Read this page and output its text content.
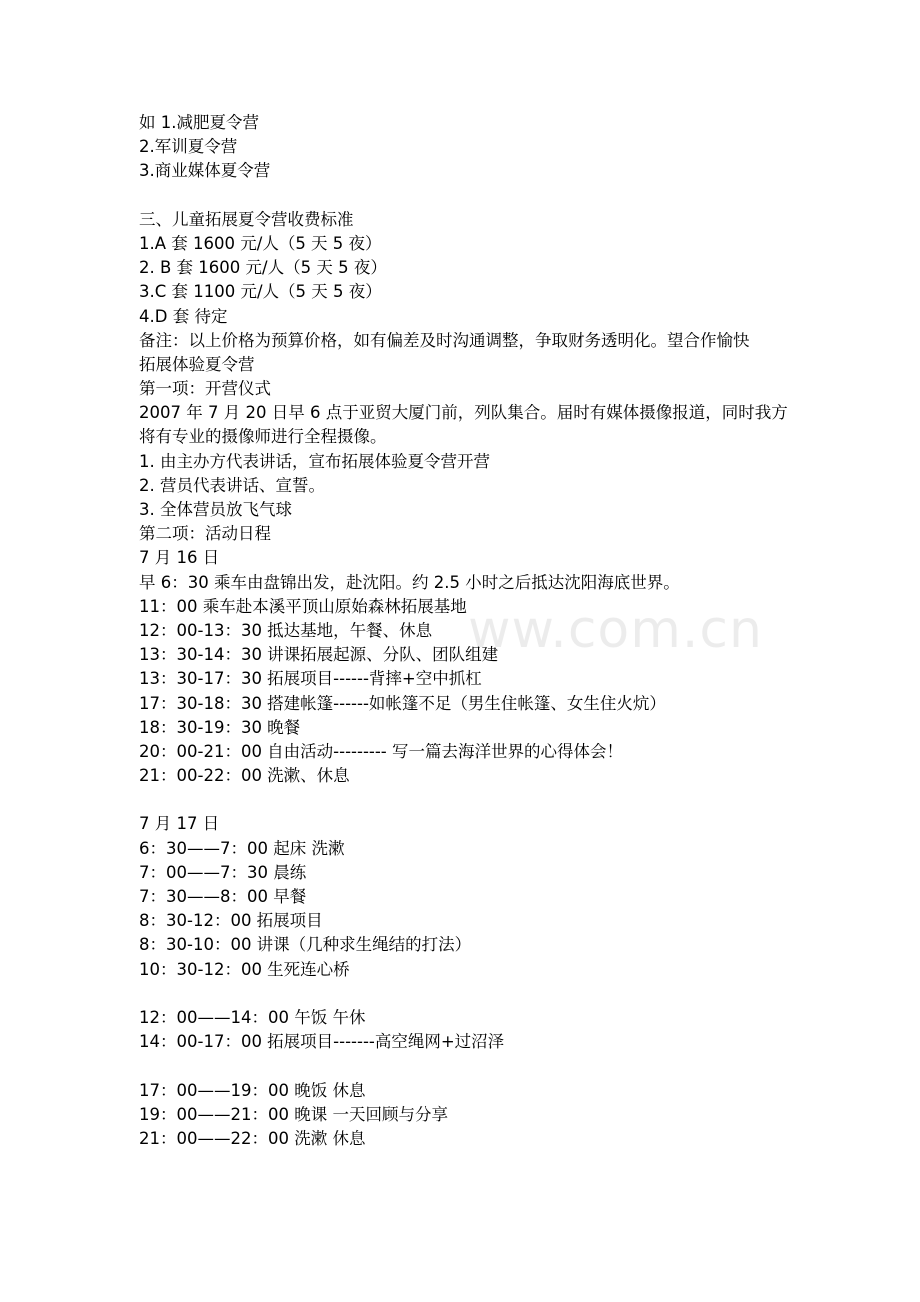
ww.com.cn
如 1.减肥夏令营
2.军训夏令营
3.商业媒体夏令营
三、儿童拓展夏令营收费标准
1.A 套 1600 元/人（5 天 5 夜）
2. B 套 1600 元/人（5 天 5 夜）
3.C 套 1100 元/人（5 天 5 夜）
4.D 套 待定
备注：以上价格为预算价格，如有偏差及时沟通调整，争取财务透明化。望合作愉快
拓展体验夏令营
第一项：开营仪式
2007 年 7 月 20 日早 6 点于亚贸大厦门前，列队集合。届时有媒体摄像报道，同时我方将有专业的摄像师进行全程摄像。
1. 由主办方代表讲话，宣布拓展体验夏令营开营
2. 营员代表讲话、宣誓。
3. 全体营员放飞气球
第二项：活动日程
7 月 16 日
早 6：30 乘车由盘锦出发，赴沈阳。约 2.5 小时之后抵达沈阳海底世界。
11：00 乘车赴本溪平顶山原始森林拓展基地
12：00-13：30 抵达基地，午餐、休息
13：30-14：30 讲课拓展起源、分队、团队组建
13：30-17：30 拓展项目------背摔+空中抓杠
17：30-18：30 搭建帐篷------如帐篷不足（男生住帐篷、女生住火炕）
18：30-19：30 晚餐
20：00-21：00 自由活动--------- 写一篇去海洋世界的心得体会！
21：00-22：00 洗漱、休息
7 月 17 日
6：30——7：00 起床 洗漱
7：00——7：30 晨练
7：30——8：00 早餐
8：30-12：00 拓展项目
8：30-10：00 讲课（几种求生绳结的打法）
10：30-12：00 生死连心桥
12：00——14：00 午饭 午休
14：00-17：00 拓展项目-------高空绳网+过沼泽
17：00——19：00 晚饭 休息
19：00——21：00 晚课 一天回顾与分享
21：00——22：00 洗漱 休息
